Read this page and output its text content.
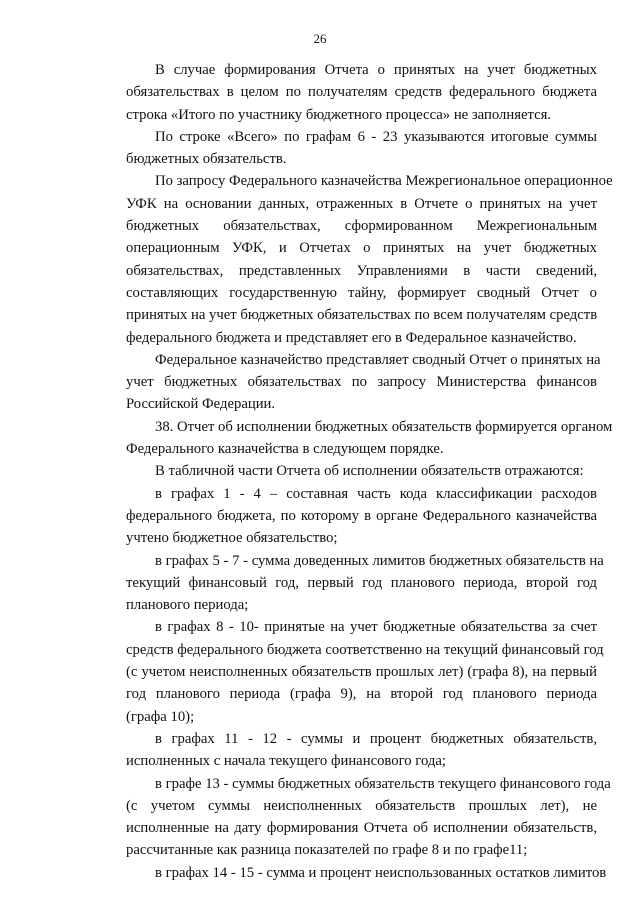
26
В случае формирования Отчета о принятых на учет бюджетных
обязательствах в целом по получателям средств федерального бюджета
строка «Итого по участнику бюджетного процесса» не заполняется.
По строке «Всего» по графам 6 - 23 указываются итоговые суммы
бюджетных обязательств.
По запросу Федерального казначейства Межрегиональное операционное
УФК на основании данных, отраженных в Отчете о принятых на учет
бюджетных обязательствах, сформированном Межрегиональным
операционным УФК, и Отчетах о принятых на учет бюджетных
обязательствах, представленных Управлениями в части сведений,
составляющих государственную тайну, формирует сводный Отчет о
принятых на учет бюджетных обязательствах по всем получателям средств
федерального бюджета и представляет его в Федеральное казначейство.
Федеральное казначейство представляет сводный Отчет о принятых на
учет бюджетных обязательствах по запросу Министерства финансов
Российской Федерации.
38. Отчет об исполнении бюджетных обязательств формируется органом
Федерального казначейства в следующем порядке.
В табличной части Отчета об исполнении обязательств отражаются:
в графах 1 - 4 – составная часть кода классификации расходов
федерального бюджета, по которому в органе Федерального казначейства
учтено бюджетное обязательство;
в графах 5 - 7 - сумма доведенных лимитов бюджетных обязательств на
текущий финансовый год, первый год планового периода, второй год
планового периода;
в графах 8 - 10- принятые на учет бюджетные обязательства за счет
средств федерального бюджета соответственно на текущий финансовый год
(с учетом неисполненных обязательств прошлых лет) (графа 8), на первый
год планового периода (графа 9), на второй год планового периода
(графа 10);
в графах 11 - 12 - суммы и процент бюджетных обязательств,
исполненных с начала текущего финансового года;
в графе 13 - суммы бюджетных обязательств текущего финансового года
(с учетом суммы неисполненных обязательств прошлых лет), не
исполненные на дату формирования Отчета об исполнении обязательств,
рассчитанные как разница показателей по графе 8 и по графе11;
в графах 14 - 15 - сумма и процент неиспользованных остатков лимитов
